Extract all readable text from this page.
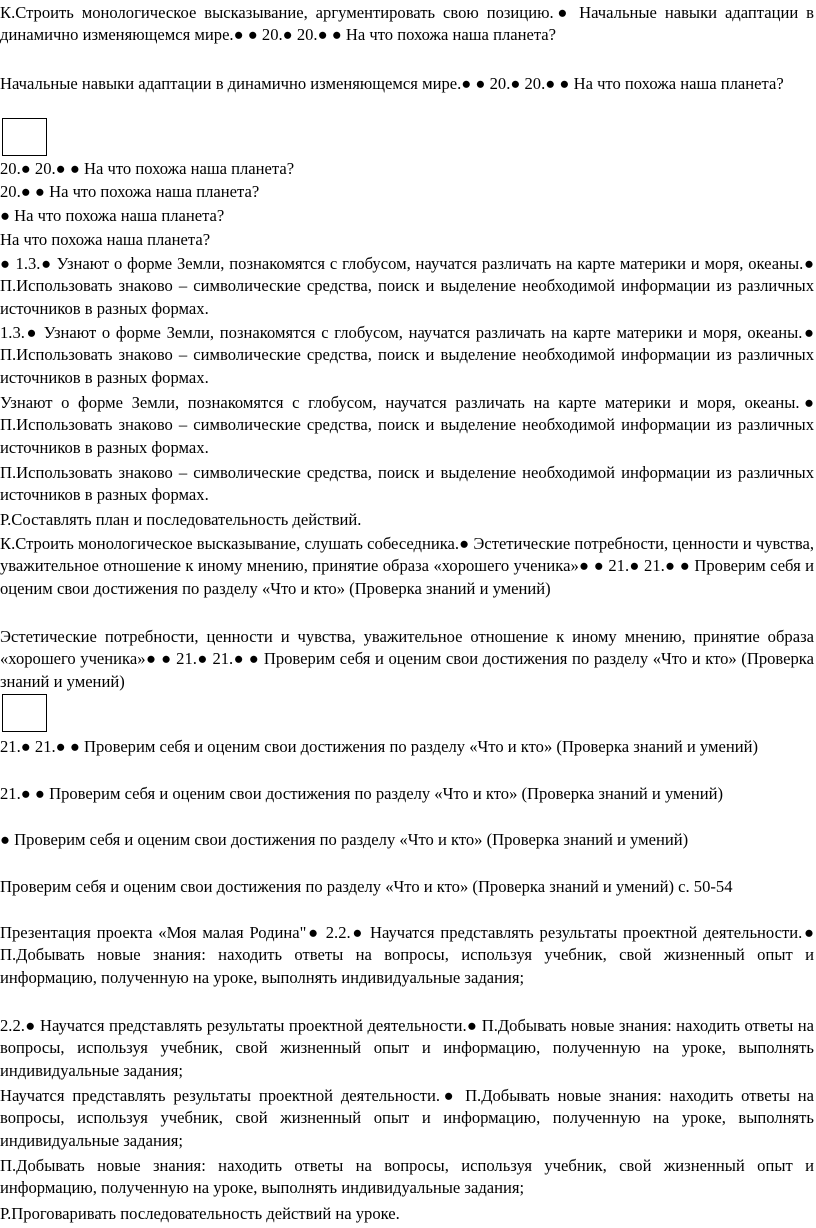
К.Строить монологическое высказывание, аргументировать свою позицию.● Начальные навыки адаптации в динамично изменяющемся мире.● ● 20.● 20.● ● На что похожа наша планета?
Начальные навыки адаптации в динамично изменяющемся мире.● ● 20.● 20.● ● На что похожа наша планета?
20.● 20.● ● На что похожа наша планета?
20.● ● На что похожа наша планета?
● На что похожа наша планета?
На что похожа наша планета?
● 1.3.● Узнают о форме Земли, познакомятся с глобусом, научатся различать на карте материки и моря, океаны.● П.Использовать знаково – символические средства, поиск и выделение необходимой информации из различных источников в разных формах.
1.3.● Узнают о форме Земли, познакомятся с глобусом, научатся различать на карте материки и моря, океаны.● П.Использовать знаково – символические средства, поиск и выделение необходимой информации из различных источников в разных формах.
Узнают о форме Земли, познакомятся с глобусом, научатся различать на карте материки и моря, океаны.● П.Использовать знаково – символические средства, поиск и выделение необходимой информации из различных источников в разных формах.
П.Использовать знаково – символические средства, поиск и выделение необходимой информации из различных источников в разных формах.
Р.Составлять план и последовательность действий.
К.Строить монологическое высказывание, слушать собеседника.● Эстетические потребности, ценности и чувства, уважительное отношение к иному мнению, принятие образа «хорошего ученика»● ● 21.● 21.● ● Проверим себя и оценим свои достижения по разделу «Что и кто» (Проверка знаний и умений)
Эстетические потребности, ценности и чувства, уважительное отношение к иному мнению, принятие образа «хорошего ученика»● ● 21.● 21.● ● Проверим себя и оценим свои достижения по разделу «Что и кто» (Проверка знаний и умений)
21.● 21.● ● Проверим себя и оценим свои достижения по разделу «Что и кто» (Проверка знаний и умений)
21.● ● Проверим себя и оценим свои достижения по разделу «Что и кто» (Проверка знаний и умений)
● Проверим себя и оценим свои достижения по разделу «Что и кто» (Проверка знаний и умений)
Проверим себя и оценим свои достижения по разделу «Что и кто» (Проверка знаний и умений) с. 50-54
Презентация проекта «Моя малая Родина"● 2.2.● Научатся представлять результаты проектной деятельности.● П.Добывать новые знания: находить ответы на вопросы, используя учебник, свой жизненный опыт и информацию, полученную на уроке, выполнять индивидуальные задания;
2.2.● Научатся представлять результаты проектной деятельности.● П.Добывать новые знания: находить ответы на вопросы, используя учебник, свой жизненный опыт и информацию, полученную на уроке, выполнять индивидуальные задания;
Научатся представлять результаты проектной деятельности.● П.Добывать новые знания: находить ответы на вопросы, используя учебник, свой жизненный опыт и информацию, полученную на уроке, выполнять индивидуальные задания;
П.Добывать новые знания: находить ответы на вопросы, используя учебник, свой жизненный опыт и информацию, полученную на уроке, выполнять индивидуальные задания;
Р.Проговаривать последовательность действий на уроке.
